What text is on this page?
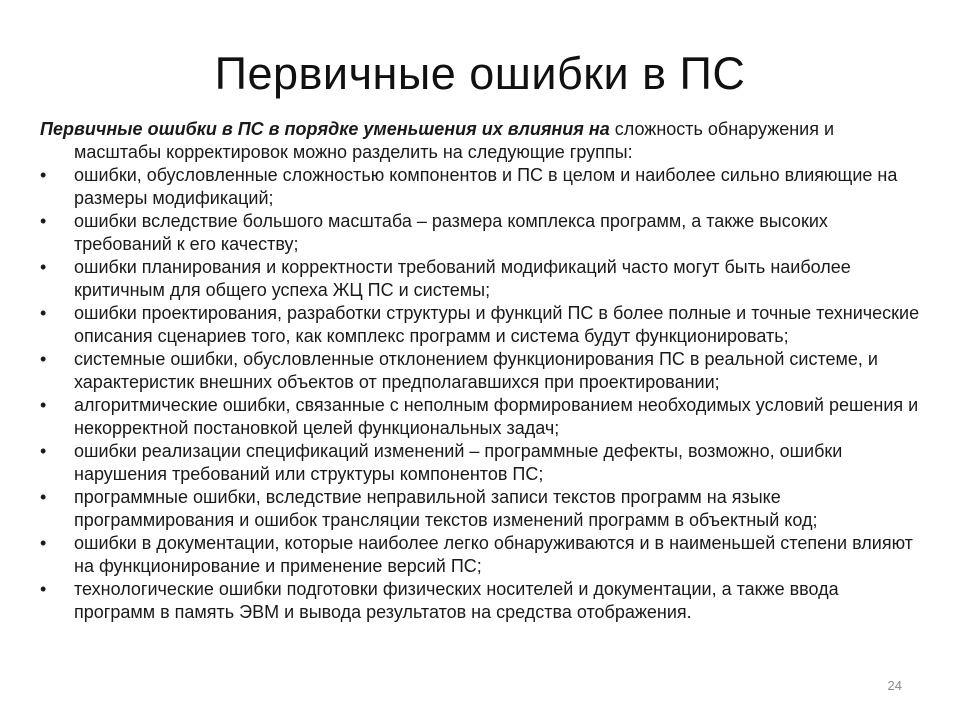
Первичные ошибки в ПС

Первичные ошибки в ПС в порядке уменьшения их влияния на сложность обнаружения и масштабы корректировок можно разделить на следующие группы:

•	ошибки, обусловленные сложностью компонентов и ПС в целом и наиболее сильно влияющие на размеры модификаций;
•	ошибки вследствие большого масштаба – размера комплекса программ, а также высоких требований к его качеству;
•	ошибки планирования и корректности требований модификаций часто могут быть наиболее критичным для общего успеха ЖЦ ПС и системы;
•	ошибки проектирования, разработки структуры и функций ПС в более полные и точные технические описания сценариев того, как комплекс программ и система будут функционировать;
•	системные ошибки, обусловленные отклонением функционирования ПС в реальной системе, и характеристик внешних объектов от предполагавшихся при проектировании;
•	алгоритмические ошибки, связанные с неполным формированием необходимых условий решения и некорректной постановкой целей функциональных задач;
•	ошибки реализации спецификаций изменений – программные дефекты, возможно, ошибки нарушения требований или структуры компонентов ПС;
•	программные ошибки, вследствие неправильной записи текстов программ на языке программирования и ошибок трансляции текстов изменений программ в объектный код;
•	ошибки в документации, которые наиболее легко обнаруживаются и в наименьшей степени влияют на функционирование и применение версий ПС;
•	технологические ошибки подготовки физических носителей и документации, а также ввода программ в память ЭВМ и вывода результатов на средства отображения.
24
